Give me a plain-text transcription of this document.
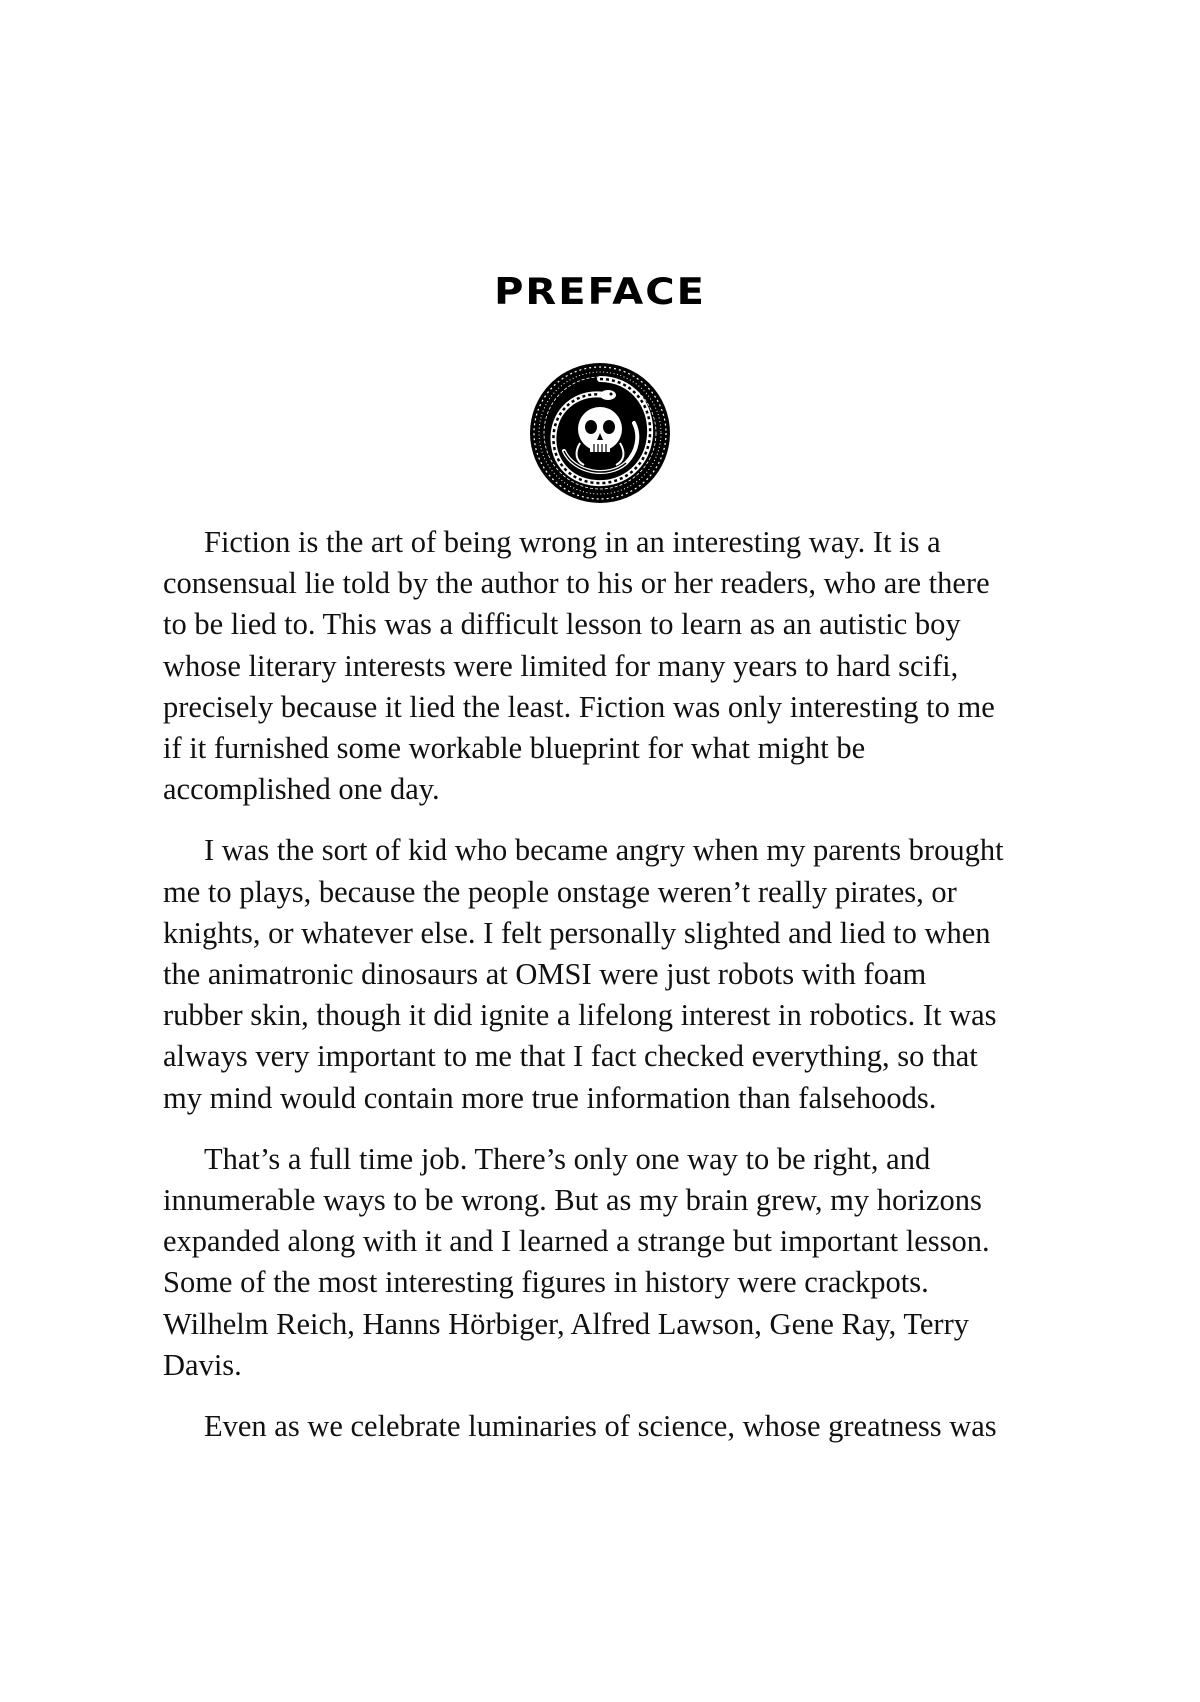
PREFACE

Fiction is the art of being wrong in an interesting way. It is a
consensual lie told by the author to his or her readers, who are there
to be lied to. This was a difficult lesson to learn as an autistic boy
whose literary interests were limited for many years to hard scifi,
precisely because it lied the least. Fiction was only interesting to me
if it furnished some workable blueprint for what might be
accomplished one day.

I was the sort of kid who became angry when my parents brought
me to plays, because the people onstage weren’t really pirates, or
knights, or whatever else. I felt personally slighted and lied to when
the animatronic dinosaurs at OMSI were just robots with foam
rubber skin, though it did ignite a lifelong interest in robotics. It was
always very important to me that I fact checked everything, so that
my mind would contain more true information than falsehoods.

That’s a full time job. There’s only one way to be right, and
innumerable ways to be wrong. But as my brain grew, my horizons
expanded along with it and I learned a strange but important lesson.
Some of the most interesting figures in history were crackpots.
Wilhelm Reich, Hanns Hörbiger, Alfred Lawson, Gene Ray, Terry
Davis.

Even as we celebrate luminaries of science, whose greatness was
